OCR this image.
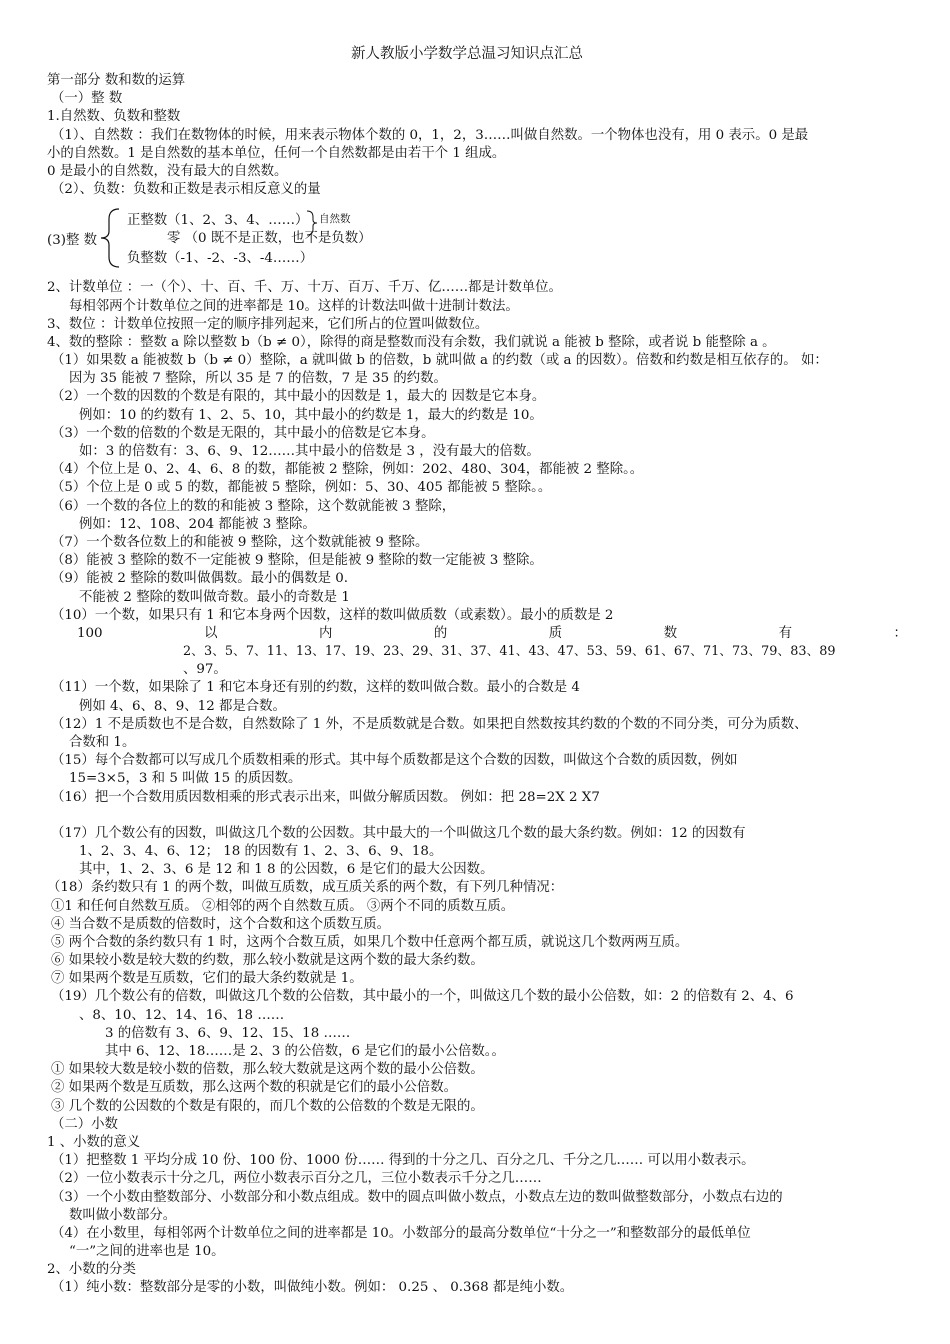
新人教版小学数学总温习知识点汇总
第一部分 数和数的运算
（一）整 数
1.自然数、负数和整数
（1）、自然数 ：我们在数物体的时候，用来表示物体个数的 0，1，2，3……叫做自然数。一个物体也没有，用 0 表示。0 是最
小的自然数。1 是自然数的基本单位，任何一个自然数都是由若干个 1 组成。
0 是最小的自然数，没有最大的自然数。
（2）、负数：负数和正数是表示相反意义的量
(3)整 数
正整数（1、2、3、4、……） 自然数
零 （0 既不是正数，也不是负数）
负整数（-1、-2、-3、-4……）
2、计数单位 ：一（个）、十、百、千、万、十万、百万、千万、亿……都是计数单位。
每相邻两个计数单位之间的进率都是 10。这样的计数法叫做十进制计数法。
3、数位 ：计数单位按照一定的顺序排列起来，它们所占的位置叫做数位。
4、数的整除 ：整数 a 除以整数 b（b ≠ 0），除得的商是整数而没有余数，我们就说 a 能被 b 整除，或者说 b 能整除 a 。
（1）如果数 a 能被数 b（b ≠ 0）整除，a 就叫做 b 的倍数，b 就叫做 a 的约数（或 a 的因数）。倍数和约数是相互依存的。 如：
因为 35 能被 7 整除，所以 35 是 7 的倍数，7 是 35 的约数。
（2）一个数的因数的个数是有限的，其中最小的因数是 1，最大的 因数是它本身。
例如：10 的约数有 1、2、5、10，其中最小的约数是 1，最大的约数是 10。
（3）一个数的倍数的个数是无限的，其中最小的倍数是它本身。
如：3 的倍数有：3、6、9、12……其中最小的倍数是 3 ，没有最大的倍数。
（4）个位上是 0、2、4、6、8 的数，都能被 2 整除，例如：202、480、304，都能被 2 整除。。
（5）个位上是 0 或 5 的数，都能被 5 整除，例如：5、30、405 都能被 5 整除。。
（6）一个数的各位上的数的和能被 3 整除，这个数就能被 3 整除，
例如：12、108、204 都能被 3 整除。
（7）一个数各位数上的和能被 9 整除，这个数就能被 9 整除。
（8）能被 3 整除的数不一定能被 9 整除，但是能被 9 整除的数一定能被 3 整除。
（9）能被 2 整除的数叫做偶数。最小的偶数是 0.
不能被 2 整除的数叫做奇数。最小的奇数是 1
（10）一个数，如果只有 1 和它本身两个因数，这样的数叫做质数（或素数）。最小的质数是 2
100	以	内	的	质	数	有	：
2、3、5、7、11、13、17、19、23、29、31、37、41、43、47、53、59、61、67、71、73、79、83、89
、97。
（11）一个数，如果除了 1 和它本身还有别的约数，这样的数叫做合数。最小的合数是 4
例如 4、6、8、9、12 都是合数。
（12）1 不是质数也不是合数，自然数除了 1 外，不是质数就是合数。如果把自然数按其约数的个数的不同分类，可分为质数、
合数和 1。
（15）每个合数都可以写成几个质数相乘的形式。其中每个质数都是这个合数的因数，叫做这个合数的质因数，例如
15=3×5，3 和 5 叫做 15 的质因数。
（16）把一个合数用质因数相乘的形式表示出来，叫做分解质因数。 例如：把 28=2X 2 X7
（17）几个数公有的因数，叫做这几个数的公因数。其中最大的一个叫做这几个数的最大条约数。例如：12 的因数有
1、2、3、4、6、12； 18 的因数有 1、2、3、6、9、18。
其中，1、2、3、6 是 12 和 1 8 的公因数，6 是它们的最大公因数。
（18）条约数只有 1 的两个数，叫做互质数，成互质关系的两个数，有下列几种情况：
①1 和任何自然数互质。 ②相邻的两个自然数互质。 ③两个不同的质数互质。
④ 当合数不是质数的倍数时，这个合数和这个质数互质。
⑤ 两个合数的条约数只有 1 时，这两个合数互质，如果几个数中任意两个都互质，就说这几个数两两互质。
⑥ 如果较小数是较大数的约数，那么较小数就是这两个数的最大条约数。
⑦ 如果两个数是互质数，它们的最大条约数就是 1。
（19）几个数公有的倍数，叫做这几个数的公倍数，其中最小的一个，叫做这几个数的最小公倍数，如：2 的倍数有 2、4、6
、8、10、12、14、16、18 ……
3 的倍数有 3、6、9、12、15、18 ……
其中 6、12、18……是 2、3 的公倍数，6 是它们的最小公倍数。。
① 如果较大数是较小数的倍数，那么较大数就是这两个数的最小公倍数。
② 如果两个数是互质数，那么这两个数的积就是它们的最小公倍数。
③ 几个数的公因数的个数是有限的，而几个数的公倍数的个数是无限的。
（二）小数
1 、小数的意义
（1）把整数 1 平均分成 10 份、100 份、1000 份…… 得到的十分之几、百分之几、千分之几…… 可以用小数表示。
（2）一位小数表示十分之几，两位小数表示百分之几，三位小数表示千分之几……
（3）一个小数由整数部分、小数部分和小数点组成。数中的圆点叫做小数点，小数点左边的数叫做整数部分，小数点右边的
数叫做小数部分。
（4）在小数里，每相邻两个计数单位之间的进率都是 10。小数部分的最高分数单位“十分之一”和整数部分的最低单位
“一”之间的进率也是 10。
2、小数的分类
（1）纯小数：整数部分是零的小数，叫做纯小数。例如： 0.25 、 0.368 都是纯小数。
